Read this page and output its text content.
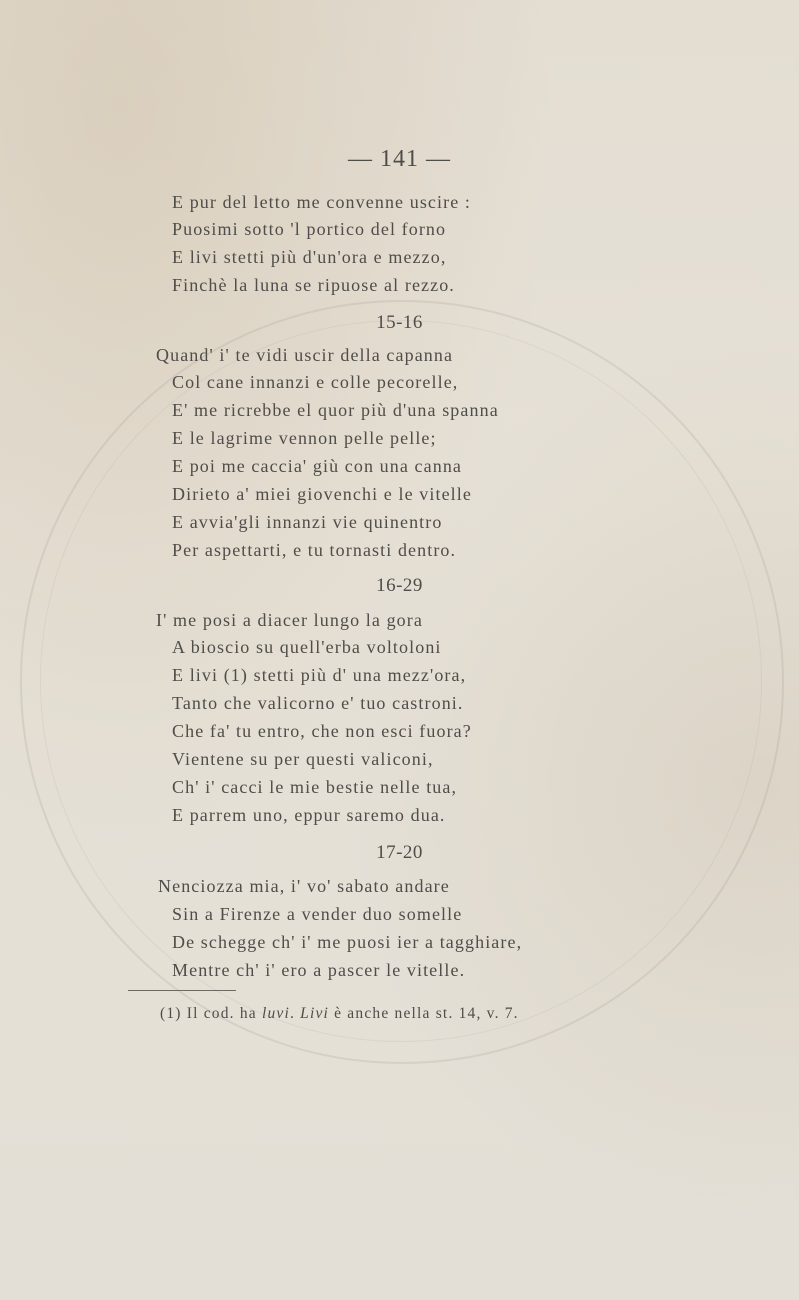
— 141 —
E pur del letto me convenne uscire :
Puosimi sotto 'l portico del forno
E livi stetti più d'un'ora e mezzo,
Finchè la luna se ripuose al rezzo.
15-16
Quand' i' te vidi uscir della capanna
Col cane innanzi e colle pecorelle,
E' me ricrebbe el quor più d'una spanna
E le lagrime vennon pelle pelle;
E poi me caccia' giù con una canna
Dirieto a' miei giovenchi e le vitelle
E avvia'gli innanzi vie quinentro
Per aspettarti, e tu tornasti dentro.
16-29
I' me posi a diacer lungo la gora
A bioscio su quell'erba voltoloni
E livi (1) stetti più d' una mezz'ora,
Tanto che valicorno e' tuo castroni.
Che fa' tu entro, che non esci fuora?
Vientene su per questi valiconi,
Ch' i' cacci le mie bestie nelle tua,
E parrem uno, eppur saremo dua.
17-20
Nenciozza mia, i' vo' sabato andare
Sin a Firenze a vender duo somelle
De schegge ch' i' me puosi ier a tagghiare,
Mentre ch' i' ero a pascer le vitelle.
(1) Il cod. ha luvi. Livi è anche nella st. 14, v. 7.
